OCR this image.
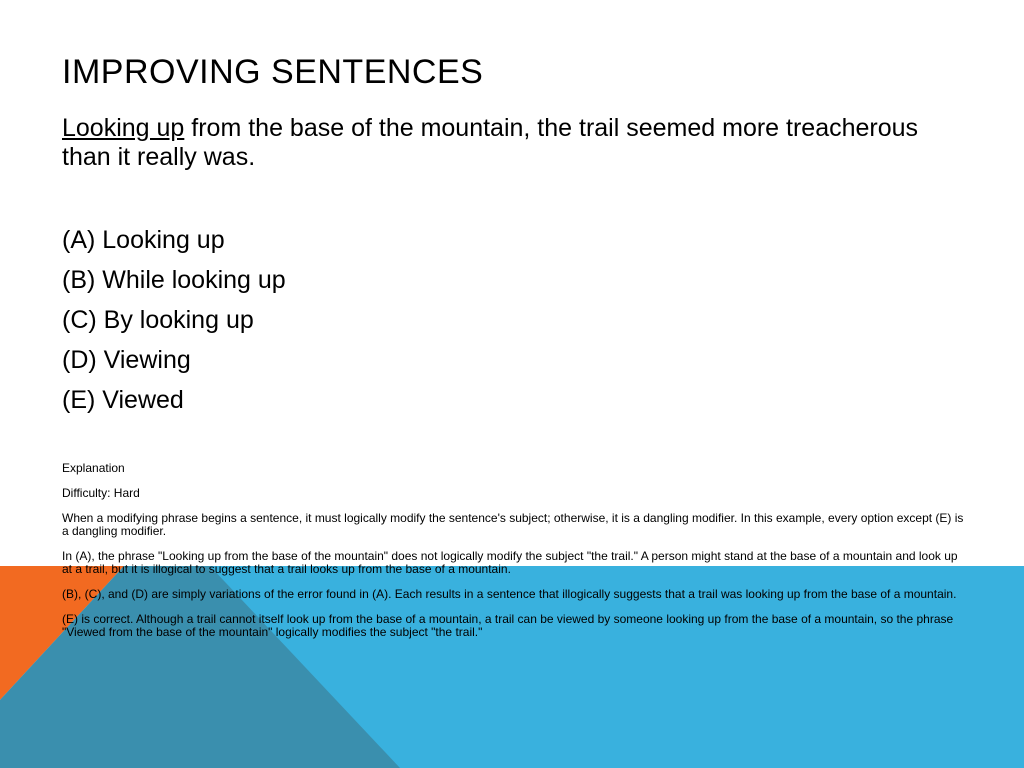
IMPROVING SENTENCES

Looking up from the base of the mountain, the trail seemed more treacherous than it really was.

(A) Looking up
(B) While looking up
(C) By looking up
(D) Viewing
(E) Viewed

Explanation

Difficulty: Hard

When a modifying phrase begins a sentence, it must logically modify the sentence's subject; otherwise, it is a dangling modifier. In this example, every option except (E) is a dangling modifier.

In (A), the phrase "Looking up from the base of the mountain" does not logically modify the subject "the trail." A person might stand at the base of a mountain and look up at a trail, but it is illogical to suggest that a trail looks up from the base of a mountain.

(B), (C), and (D) are simply variations of the error found in (A). Each results in a sentence that illogically suggests that a trail was looking up from the base of a mountain.

(E) is correct. Although a trail cannot itself look up from the base of a mountain, a trail can be viewed by someone looking up from the base of a mountain, so the phrase "Viewed from the base of the mountain" logically modifies the subject "the trail."
